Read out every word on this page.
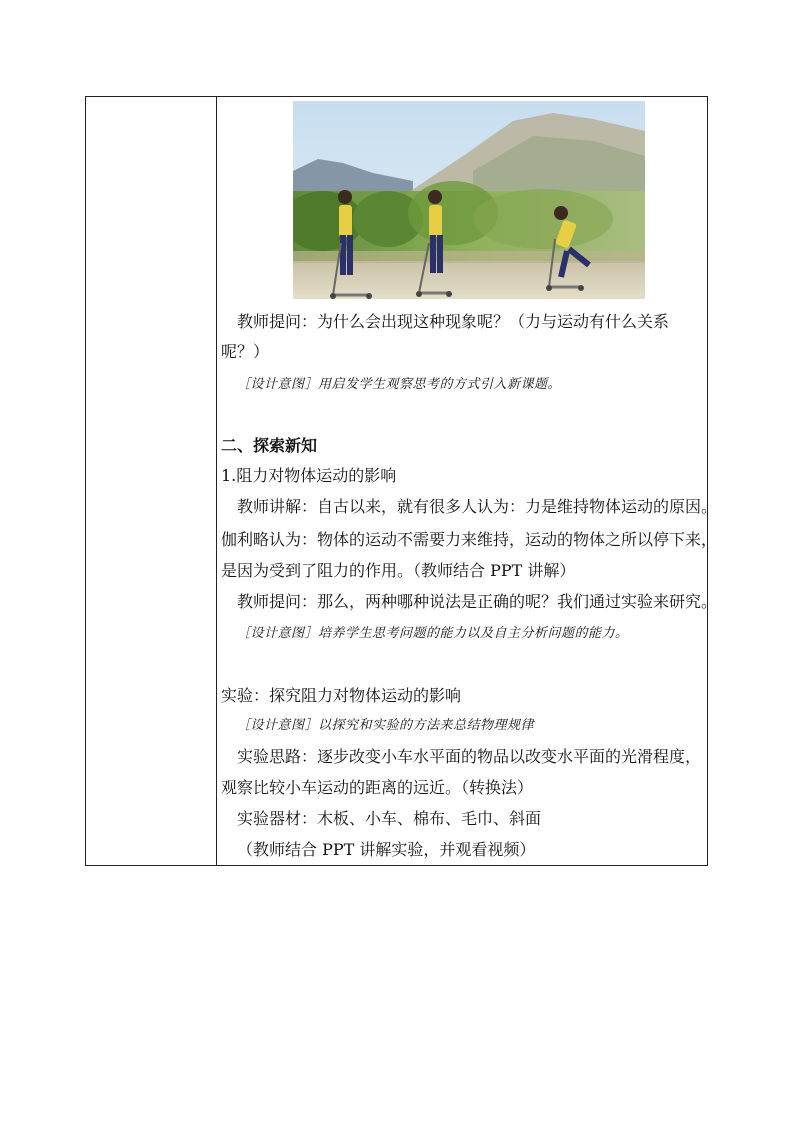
教师提问：为什么会出现这种现象呢？（力与运动有什么关系
呢？）
［设计意图］用启发学生观察思考的方式引入新课题。
二、探索新知
1.阻力对物体运动的影响
教师讲解：自古以来，就有很多人认为：力是维持物体运动的原因。
伽利略认为：物体的运动不需要力来维持，运动的物体之所以停下来，
是因为受到了阻力的作用。（教师结合 PPT 讲解）
教师提问：那么，两种哪种说法是正确的呢？我们通过实验来研究。
［设计意图］培养学生思考问题的能力以及自主分析问题的能力。
实验：探究阻力对物体运动的影响
［设计意图］以探究和实验的方法来总结物理规律
实验思路：逐步改变小车水平面的物品以改变水平面的光滑程度，
观察比较小车运动的距离的远近。（转换法）
实验器材：木板、小车、棉布、毛巾、斜面
（教师结合 PPT 讲解实验，并观看视频）
